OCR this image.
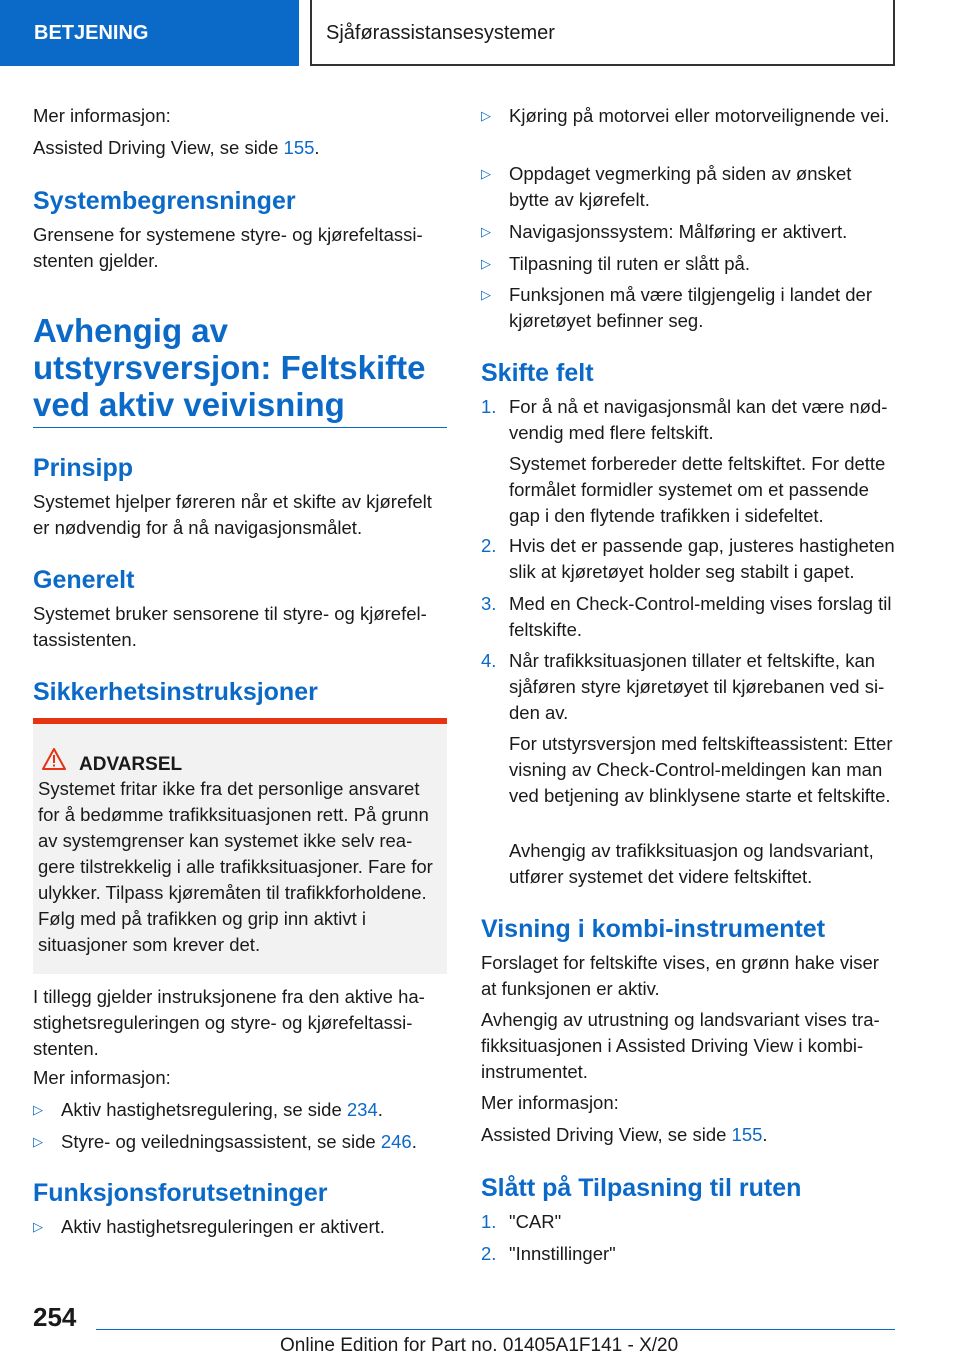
BETJENING	Sjåførassistansesystemer

Mer informasjon:

Assisted Driving View, se side 155.

Systembegrensninger

Grensene for systemene styre- og kjørefeltassistenten gjelder.

Avhengig av utstyrsversjon: Feltskifte ved aktiv veivisning
Prinsipp

Systemet hjelper føreren når et skifte av kjørefelt er nødvendig for å nå navigasjonsmålet.

Generelt

Systemet bruker sensorene til styre- og kjørefeltassistenten.

Sikkerhetsinstruksjoner
ADVARSEL

Systemet fritar ikke fra det personlige ansvaret for å bedømme trafikksituasjonen rett. På grunn av systemgrenser kan systemet ikke selv reagere tilstrekkelig i alle trafikksituasjoner. Fare for ulykker. Tilpass kjøremåten til trafikkforholdene. Følg med på trafikken og grip inn aktivt i situasjoner som krever det.

I tillegg gjelder instruksjonene fra den aktive hastighetsreguleringen og styre- og kjørefeltassistenten.

Mer informasjon:

▷ Aktiv hastighetsregulering, se side 234.
▷ Styre- og veiledningsassistent, se side 246.
Funksjonsforutsetninger
▷ Aktiv hastighetsreguleringen er aktivert.
▷ Kjøring på motorvei eller motorveilignende vei.
▷ Oppdaget vegmerking på siden av ønsket bytte av kjørefelt.
▷ Navigasjonssystem: Målføring er aktivert.
▷ Tilpasning til ruten er slått på.
▷ Funksjonen må være tilgjengelig i landet der kjøretøyet befinner seg.
Skifte felt
1. For å nå et navigasjonsmål kan det være nødvendig med flere feltskift.

Systemet forbereder dette feltskiftet. For dette formålet formidler systemet om et passende gap i den flytende trafikken i sidefeltet.

2. Hvis det er passende gap, justeres hastigheten slik at kjøretøyet holder seg stabilt i gapet.
3. Med en Check-Control-melding vises forslag til feltskifte.
4. Når trafikksituasjonen tillater et feltskifte, kan sjåføren styre kjøretøyet til kjørebanen ved siden av.

For utstyrsversjon med feltskifteassistent: Etter visning av Check-Control-meldingen kan man ved betjening av blinklysene starte et feltskifte.

Avhengig av trafikksituasjon og landsvariant, utfører systemet det videre feltskiftet.

Visning i kombi-instrumentet

Forslaget for feltskifte vises, en grønn hake viser at funksjonen er aktiv.

Avhengig av utrustning og landsvariant vises trafikksituasjonen i Assisted Driving View i kombi-instrumentet.

Mer informasjon:

Assisted Driving View, se side 155.

Slått på Tilpasning til ruten
1. "CAR"
2. "Innstillinger"
254
Online Edition for Part no. 01405A1F141 - X/20
